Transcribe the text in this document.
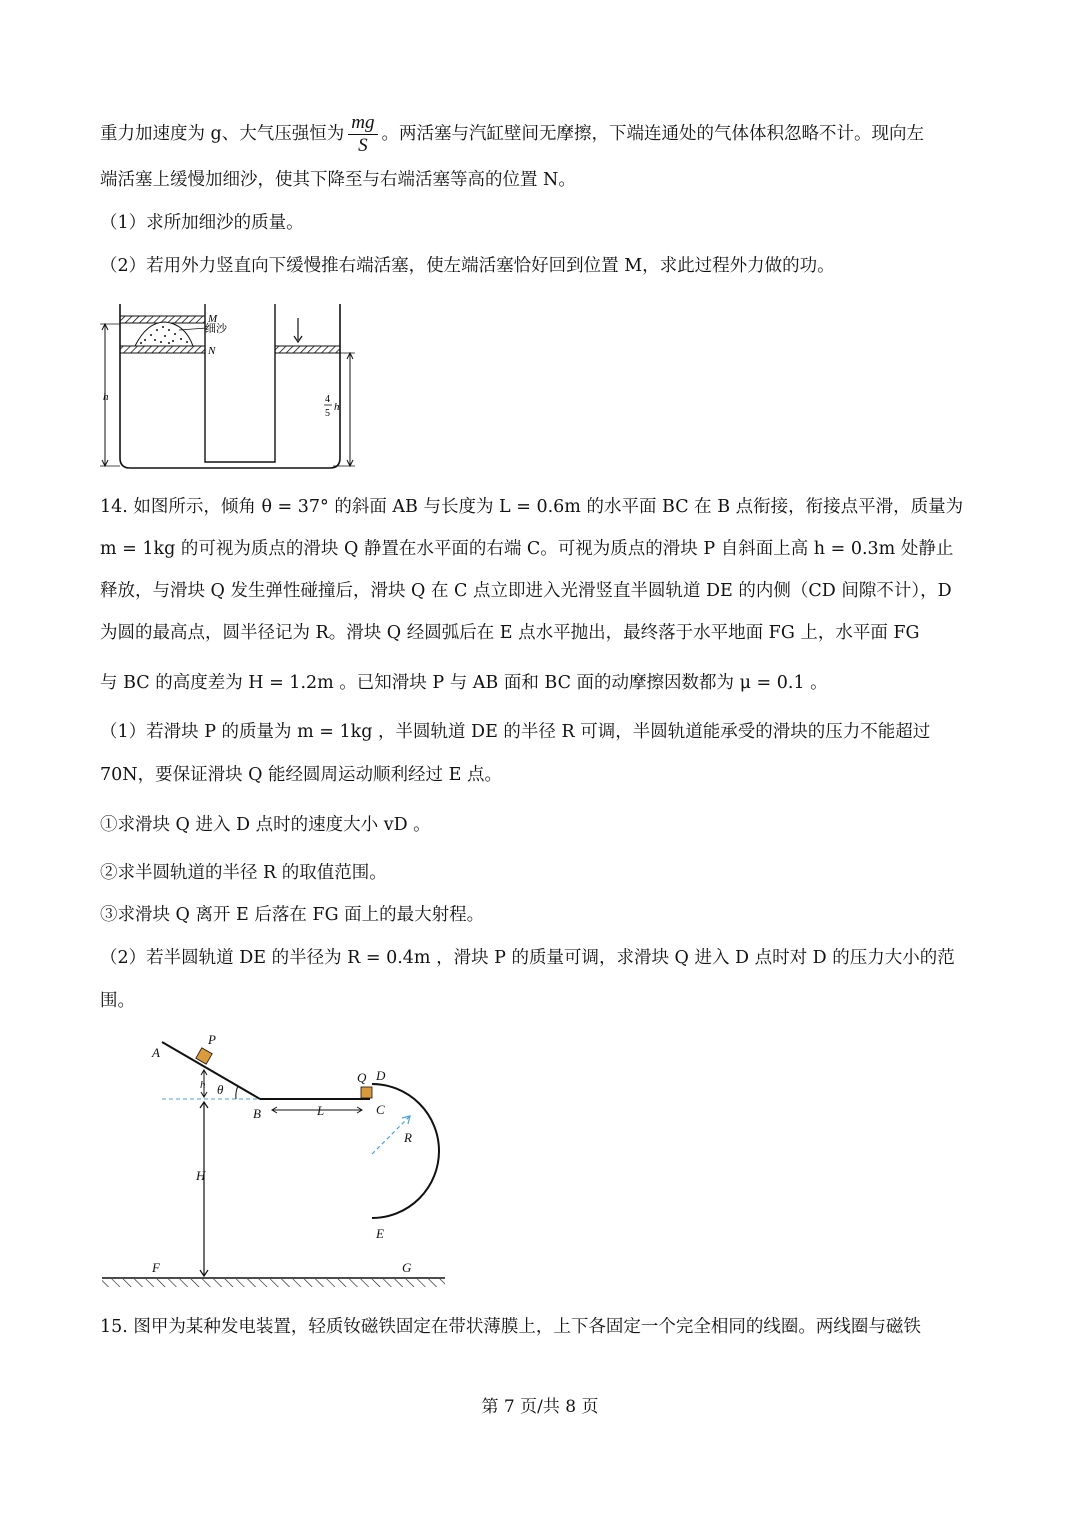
重力加速度为 g、大气压强恒为 $\frac{mg}{S}$ 。两活塞与汽缸壁间无摩擦，下端连通处的气体体积忽略不计。现向左
端活塞上缓慢加细沙，使其下降至与右端活塞等高的位置 N。
（1）求所加细沙的质量。
（2）若用外力竖直向下缓慢推右端活塞，使左端活塞恰好回到位置 M，求此过程外力做的功。
细沙
M
N
h	4
5
h
14. 如图所示，倾角 θ = 37° 的斜面 AB 与长度为 L = 0.6m 的水平面 BC 在 B 点衔接，衔接点平滑，质量为
m = 1kg 的可视为质点的滑块 Q 静置在水平面的右端 C。可视为质点的滑块 P 自斜面上高 h = 0.3m 处静止
释放，与滑块 Q 发生弹性碰撞后，滑块 Q 在 C 点立即进入光滑竖直半圆轨道 DE 的内侧（CD 间隙不计），D
为圆的最高点，圆半径记为 R。滑块 Q 经圆弧后在 E 点水平抛出，最终落于水平地面 FG 上，水平面 FG
与 BC 的高度差为 H = 1.2m 。已知滑块 P 与 AB 面和 BC 面的动摩擦因数都为 μ = 0.1 。
（1）若滑块 P 的质量为 m = 1kg ，半圆轨道 DE 的半径 R 可调，半圆轨道能承受的滑块的压力不能超过
70N，要保证滑块 Q 能经圆周运动顺利经过 E 点。
①求滑块 Q 进入 D 点时的速度大小 vD 。
②求半圆轨道的半径 R 的取值范围。
③求滑块 Q 离开 E 后落在 FG 面上的最大射程。
（2）若半圆轨道 DE 的半径为 R = 0.4m ，滑块 P 的质量可调，求滑块 Q 进入 D 点时对 D 的压力大小的范
围。
A
P
h θ
B	L
Q D
C
R
H
E
F	G
15. 图甲为某种发电装置，轻质钕磁铁固定在带状薄膜上，上下各固定一个完全相同的线圈。两线圈与磁铁
第 7 页/共 8 页
